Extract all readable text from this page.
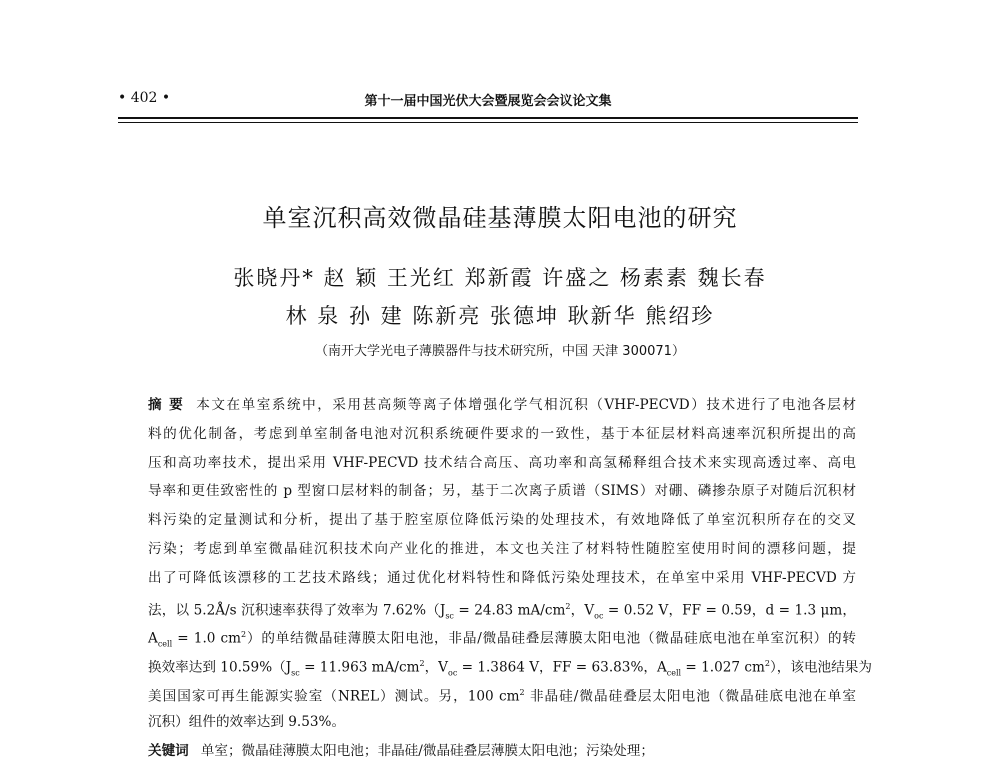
• 402 •	第十一届中国光伏大会暨展览会会议论文集
单室沉积高效微晶硅基薄膜太阳电池的研究
张晓丹* 赵 颖 王光红 郑新霞 许盛之 杨素素 魏长春
林 泉 孙 建 陈新亮 张德坤 耿新华 熊绍珍
（南开大学光电子薄膜器件与技术研究所，中国 天津 300071）
摘要 本文在单室系统中，采用甚高频等离子体增强化学气相沉积（VHF-PECVD）技术进行了电池各层材
料的优化制备，考虑到单室制备电池对沉积系统硬件要求的一致性，基于本征层材料高速率沉积所提出的高
压和高功率技术，提出采用 VHF-PECVD 技术结合高压、高功率和高氢稀释组合技术来实现高透过率、高电
导率和更佳致密性的 p 型窗口层材料的制备；另，基于二次离子质谱（SIMS）对硼、磷掺杂原子对随后沉积材
料污染的定量测试和分析，提出了基于腔室原位降低污染的处理技术，有效地降低了单室沉积所存在的交叉
污染；考虑到单室微晶硅沉积技术向产业化的推进，本文也关注了材料特性随腔室使用时间的漂移问题，提
出了可降低该漂移的工艺技术路线；通过优化材料特性和降低污染处理技术，在单室中采用 VHF-PECVD 方
法，以 5.2Å/s 沉积速率获得了效率为 $7.62\%(J_{sc} = 24.83$ $mA/cm^2$，$V_{oc} = 0.52$ V，FF = 0.59，d = 1.3 μm，
$A_{cell} = 1.0$ $cm^2$）的单结微晶硅薄膜太阳电池，非晶/微晶硅叠层薄膜太阳电池（微晶硅底电池在单室沉积）的转
换效率达到 $10.59\%(J_{sc} = 11.963$ $mA/cm^2$，$V_{oc} = 1.3864$ V，FF = 63.83%，$A_{cell} = 1.027$ $cm^2$），该电池结果为
美国国家可再生能源实验室（NREL）测试。另，100 $cm^2$ 非晶硅/微晶硅叠层太阳电池（微晶硅底电池在单室
沉积）组件的效率达到 9.53%。
关键词 单室；微晶硅薄膜太阳电池；非晶硅/微晶硅叠层薄膜太阳电池；污染处理；
